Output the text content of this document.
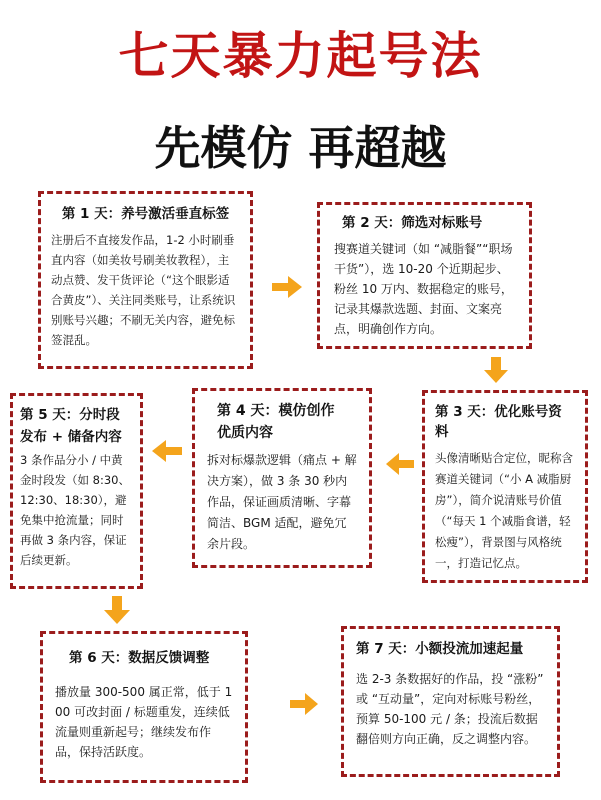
七天暴力起号法
先模仿 再超越
第 1 天：养号激活垂直标签
注册后不直接发作品，1-2 小时刷垂直内容（如美妆号刷美妆教程），主动点赞、发干货评论（“这个眼影适合黄皮”）、关注同类账号，让系统识别账号兴趣；不刷无关内容，避免标签混乱。
第 2 天：筛选对标账号
搜赛道关键词（如 “减脂餐”“职场干货”），选 10-20 个近期起步、粉丝 10 万内、数据稳定的账号，记录其爆款选题、封面、文案亮点，明确创作方向。
第 3 天：优化账号资料
头像清晰贴合定位，昵称含赛道关键词（“小 A 减脂厨房”），简介说清账号价值（“每天 1 个减脂食谱，轻松瘦”），背景图与风格统一，打造记忆点。
第 4 天：模仿创作优质内容
拆对标爆款逻辑（痛点 + 解决方案），做 3 条 30 秒内作品，保证画质清晰、字幕简洁、BGM 适配，避免冗余片段。
第 5 天：分时段发布 + 储备内容
3 条作品分小 / 中黄金时段发（如 8:30、12:30、18:30），避免集中抢流量；同时再做 3 条内容，保证后续更新。
第 6 天：数据反馈调整
播放量 300-500 属正常，低于 100 可改封面 / 标题重发，连续低流量则重新起号；继续发布作品，保持活跃度。
第 7 天：小额投流加速起量
选 2-3 条数据好的作品，投 “涨粉” 或 “互动量”，定向对标账号粉丝，预算 50-100 元 / 条；投流后数据翻倍则方向正确，反之调整内容。
